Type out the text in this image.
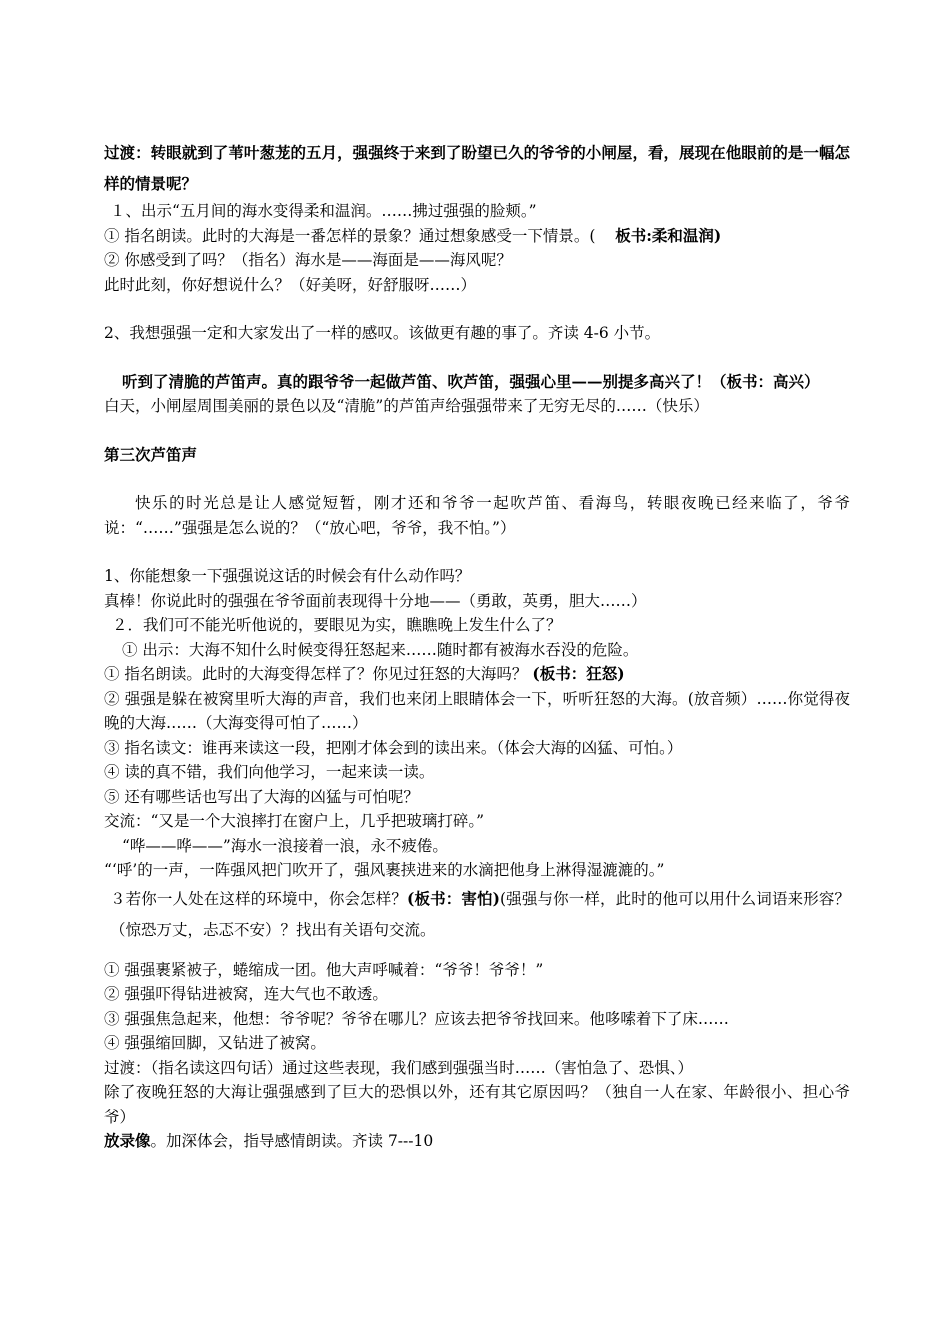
过渡：转眼就到了苇叶葱茏的五月，强强终于来到了盼望已久的爷爷的小闸屋，看，展现在他眼前的是一幅怎样的情景呢？

１、出示“五月间的海水变得柔和温润。……拂过强强的脸颊。”

① 指名朗读。此时的大海是一番怎样的景象？通过想象感受一下情景。( 板书:柔和温润)

② 你感受到了吗？（指名）海水是——海面是——海风呢？

此时此刻，你好想说什么？（好美呀，好舒服呀……）

2、我想强强一定和大家发出了一样的感叹。该做更有趣的事了。齐读 4-6 小节。

听到了清脆的芦笛声。真的跟爷爷一起做芦笛、吹芦笛，强强心里——别提多高兴了！（板书：高兴）

白天，小闸屋周围美丽的景色以及“清脆”的芦笛声给强强带来了无穷无尽的……（快乐）

第三次芦笛声

快乐的时光总是让人感觉短暂，刚才还和爷爷一起吹芦笛、看海鸟，转眼夜晚已经来临了，爷爷说：“……”强强是怎么说的？（“放心吧，爷爷，我不怕。”）

1、你能想象一下强强说这话的时候会有什么动作吗？

真棒！你说此时的强强在爷爷面前表现得十分地——（勇敢，英勇，胆大……）

２．我们可不能光听他说的，要眼见为实，瞧瞧晚上发生什么了？

① 出示：大海不知什么时候变得狂怒起来……随时都有被海水吞没的危险。

① 指名朗读。此时的大海变得怎样了？你见过狂怒的大海吗？ (板书：狂怒)

② 强强是躲在被窝里听大海的声音，我们也来闭上眼睛体会一下，听听狂怒的大海。(放音频）……你觉得夜晚的大海……（大海变得可怕了……）

③ 指名读文：谁再来读这一段，把刚才体会到的读出来。（体会大海的凶猛、可怕。）

④ 读的真不错，我们向他学习，一起来读一读。

⑤ 还有哪些话也写出了大海的凶猛与可怕呢？

交流：“又是一个大浪摔打在窗户上，几乎把玻璃打碎。”

“哗——哗——”海水一浪接着一浪，永不疲倦。

“‘呼’的一声，一阵强风把门吹开了，强风裹挟进来的水滴把他身上淋得湿漉漉的。”

３若你一人处在这样的环境中，你会怎样？(板书：害怕)(强强与你一样，此时的他可以用什么词语来形容？（惊恐万丈，忐忑不安）？找出有关语句交流。

① 强强裹紧被子，蜷缩成一团。他大声呼喊着：“爷爷！爷爷！”

② 强强吓得钻进被窝，连大气也不敢透。

③ 强强焦急起来，他想：爷爷呢？爷爷在哪儿？应该去把爷爷找回来。他哆嗦着下了床……

④ 强强缩回脚，又钻进了被窝。

过渡：（指名读这四句话）通过这些表现，我们感到强强当时……（害怕急了、恐惧、）

除了夜晚狂怒的大海让强强感到了巨大的恐惧以外，还有其它原因吗？（独自一人在家、年龄很小、担心爷爷）

放录像。加深体会，指导感情朗读。齐读 7---10
